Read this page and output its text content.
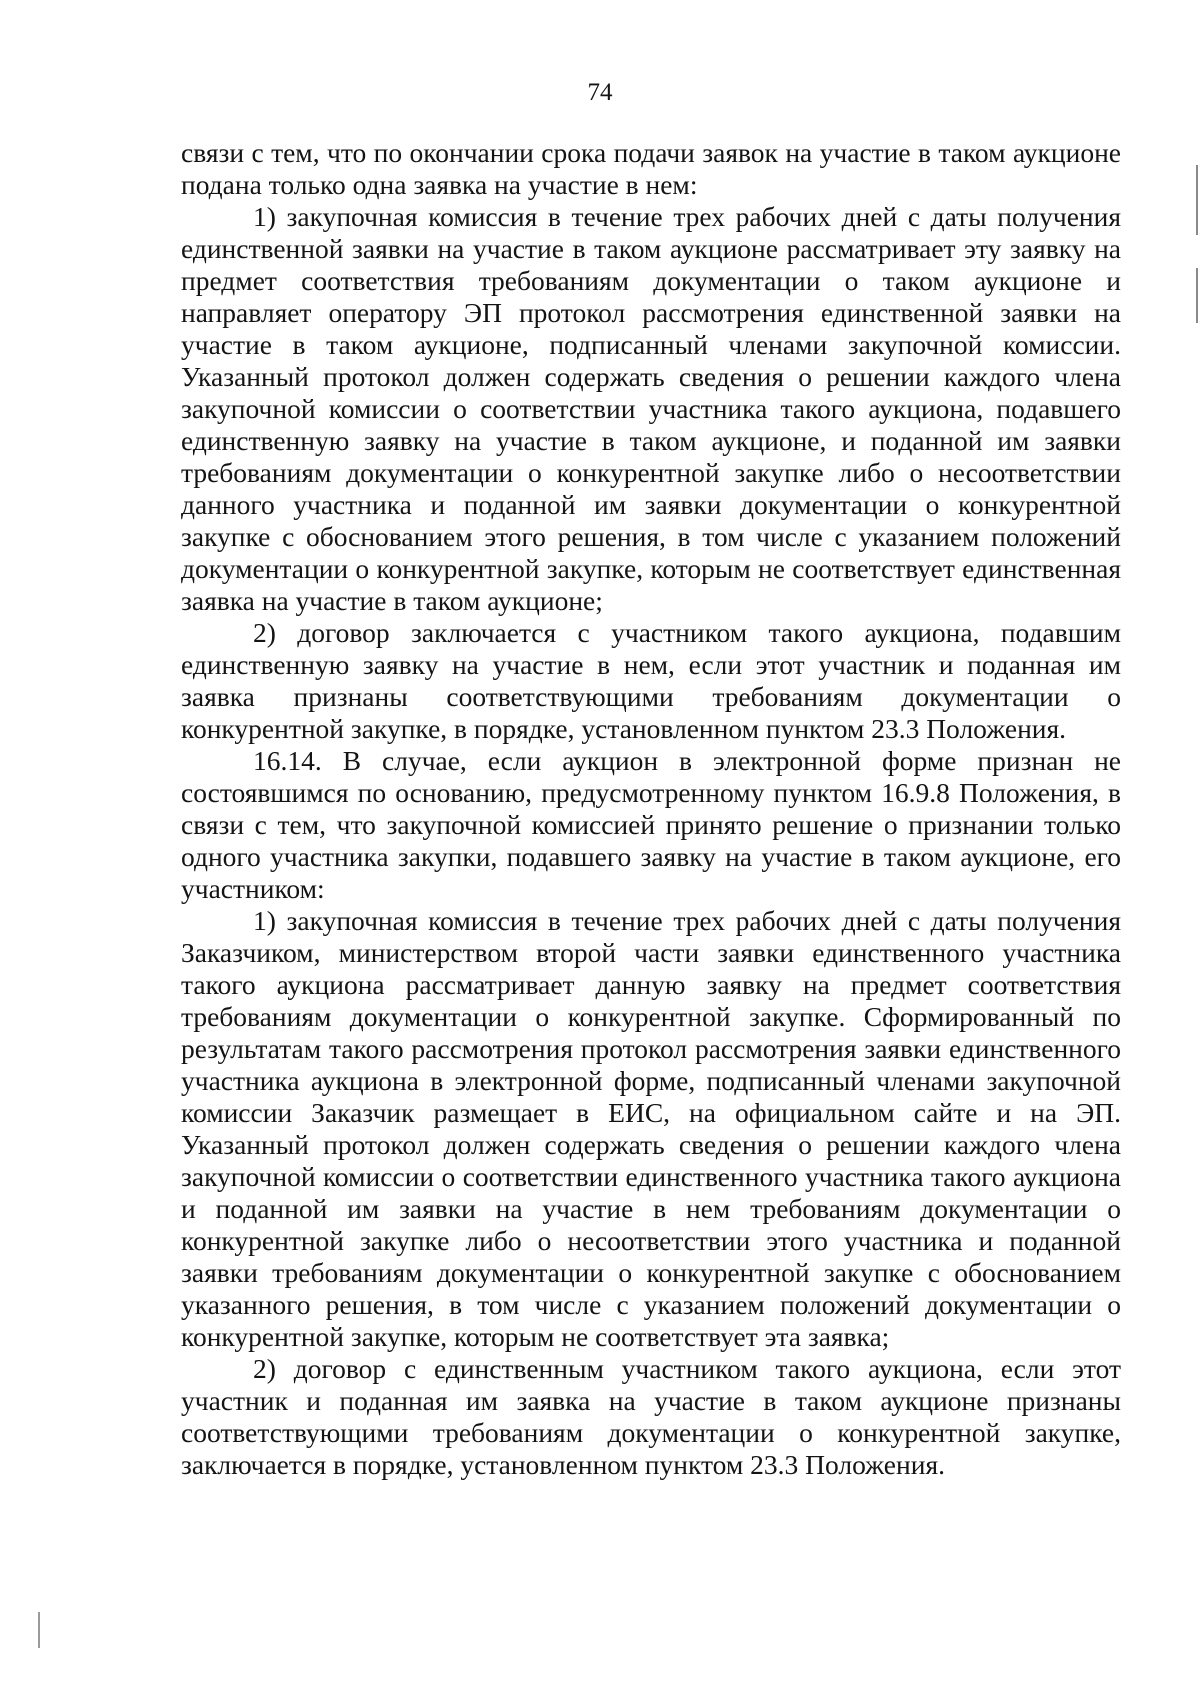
74

связи с тем, что по окончании срока подачи заявок на участие в таком аукционе подана только одна заявка на участие в нем:

1) закупочная комиссия в течение трех рабочих дней с даты получения единственной заявки на участие в таком аукционе рассматривает эту заявку на предмет соответствия требованиям документации о таком аукционе и направляет оператору ЭП протокол рассмотрения единственной заявки на участие в таком аукционе, подписанный членами закупочной комиссии. Указанный протокол должен содержать сведения о решении каждого члена закупочной комиссии о соответствии участника такого аукциона, подавшего единственную заявку на участие в таком аукционе, и поданной им заявки требованиям документации о конкурентной закупке либо о несоответствии данного участника и поданной им заявки документации о конкурентной закупке с обоснованием этого решения, в том числе с указанием положений документации о конкурентной закупке, которым не соответствует единственная заявка на участие в таком аукционе;

2) договор заключается с участником такого аукциона, подавшим единственную заявку на участие в нем, если этот участник и поданная им заявка признаны соответствующими требованиям документации о конкурентной закупке, в порядке, установленном пунктом 23.3 Положения.

16.14. В случае, если аукцион в электронной форме признан не состоявшимся по основанию, предусмотренному пунктом 16.9.8 Положения, в связи с тем, что закупочной комиссией принято решение о признании только одного участника закупки, подавшего заявку на участие в таком аукционе, его участником:

1) закупочная комиссия в течение трех рабочих дней с даты получения Заказчиком, министерством второй части заявки единственного участника такого аукциона рассматривает данную заявку на предмет соответствия требованиям документации о конкурентной закупке. Сформированный по результатам такого рассмотрения протокол рассмотрения заявки единственного участника аукциона в электронной форме, подписанный членами закупочной комиссии Заказчик размещает в ЕИС, на официальном сайте и на ЭП. Указанный протокол должен содержать сведения о решении каждого члена закупочной комиссии о соответствии единственного участника такого аукциона и поданной им заявки на участие в нем требованиям документации о конкурентной закупке либо о несоответствии этого участника и поданной заявки требованиям документации о конкурентной закупке с обоснованием указанного решения, в том числе с указанием положений документации о конкурентной закупке, которым не соответствует эта заявка;

2) договор с единственным участником такого аукциона, если этот участник и поданная им заявка на участие в таком аукционе признаны соответствующими требованиям документации о конкурентной закупке, заключается в порядке, установленном пунктом 23.3 Положения.
